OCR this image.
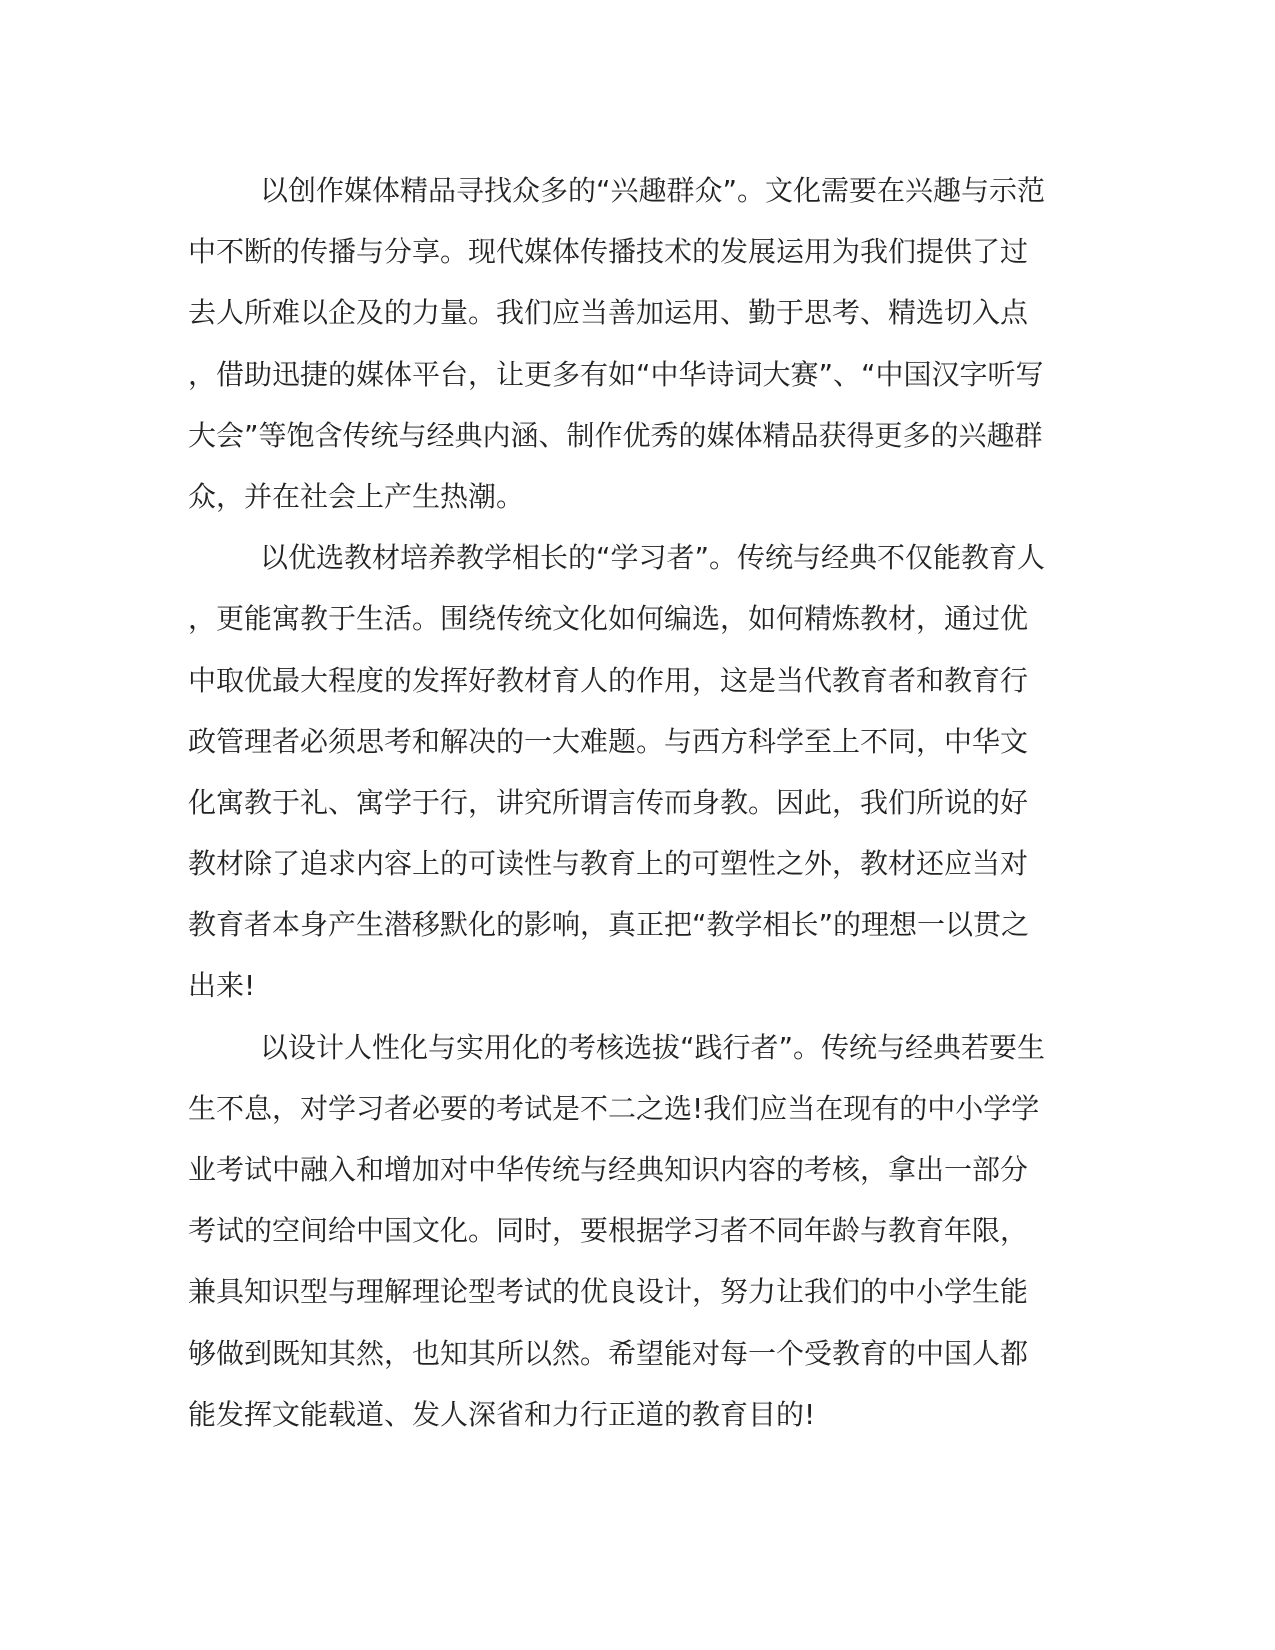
以创作媒体精品寻找众多的“兴趣群众”。文化需要在兴趣与示范
中不断的传播与分享。现代媒体传播技术的发展运用为我们提供了过
去人所难以企及的力量。我们应当善加运用、勤于思考、精选切入点
，借助迅捷的媒体平台，让更多有如“中华诗词大赛”、“中国汉字听写
大会”等饱含传统与经典内涵、制作优秀的媒体精品获得更多的兴趣群
众，并在社会上产生热潮。
以优选教材培养教学相长的“学习者”。传统与经典不仅能教育人
，更能寓教于生活。围绕传统文化如何编选，如何精炼教材，通过优
中取优最大程度的发挥好教材育人的作用，这是当代教育者和教育行
政管理者必须思考和解决的一大难题。与西方科学至上不同，中华文
化寓教于礼、寓学于行，讲究所谓言传而身教。因此，我们所说的好
教材除了追求内容上的可读性与教育上的可塑性之外，教材还应当对
教育者本身产生潜移默化的影响，真正把“教学相长”的理想一以贯之
出来!
以设计人性化与实用化的考核选拔“践行者”。传统与经典若要生
生不息，对学习者必要的考试是不二之选!我们应当在现有的中小学学
业考试中融入和增加对中华传统与经典知识内容的考核，拿出一部分
考试的空间给中国文化。同时，要根据学习者不同年龄与教育年限，
兼具知识型与理解理论型考试的优良设计，努力让我们的中小学生能
够做到既知其然，也知其所以然。希望能对每一个受教育的中国人都
能发挥文能载道、发人深省和力行正道的教育目的!
